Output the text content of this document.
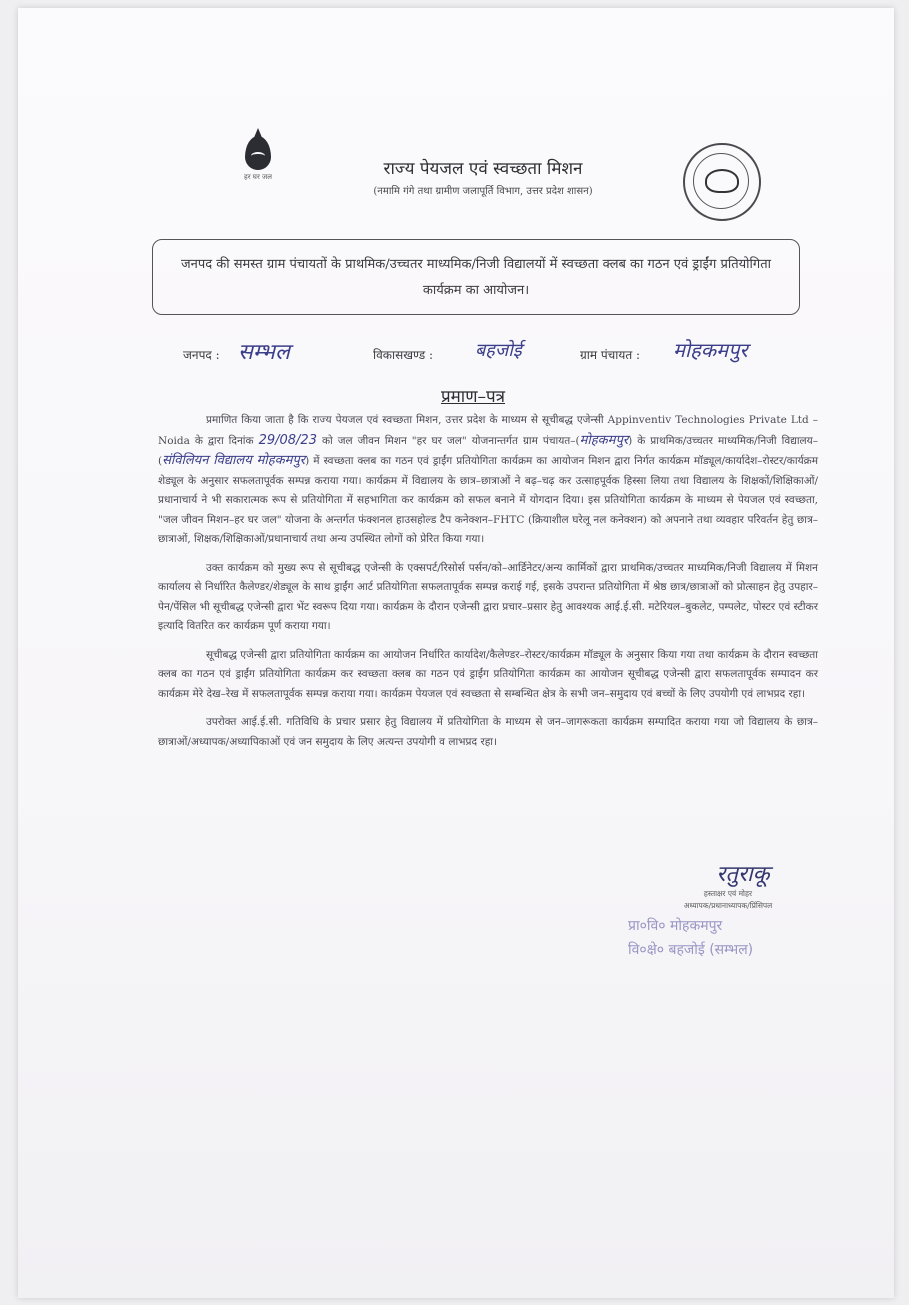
हर घर जल	राज्य पेयजल एवं स्वच्छता मिशन
(नमामि गंगे तथा ग्रामीण जलापूर्ति विभाग, उत्तर प्रदेश शासन)
जनपद की समस्त ग्राम पंचायतों के प्राथमिक/उच्चतर माध्यमिक/निजी विद्यालयों में स्वच्छता क्लब का गठन एवं ड्राईंग प्रतियोगिता कार्यक्रम का आयोजन।
जनपद : सम्भल	विकासखण्ड : बहजोई	ग्राम पंचायत : मोहकमपुर
प्रमाण–पत्र

प्रमाणित किया जाता है कि राज्य पेयजल एवं स्वच्छता मिशन, उत्तर प्रदेश के माध्यम से सूचीबद्ध एजेन्सी Appinventiv Technologies Private Ltd – Noida के द्वारा दिनांक 29/08/23 को जल जीवन मिशन "हर घर जल" योजनान्तर्गत ग्राम पंचायत–(मोहकमपुर) के प्राथमिक/उच्चतर माध्यमिक/निजी विद्यालय–(संविलियन विद्यालय मोहकमपुर) में स्वच्छता क्लब का गठन एवं ड्राईंग प्रतियोगिता कार्यक्रम का आयोजन मिशन द्वारा निर्गत कार्यक्रम मॉड्यूल/कार्यादेश–रोस्टर/कार्यक्रम शेड्यूल के अनुसार सफलतापूर्वक सम्पन्न कराया गया। कार्यक्रम में विद्यालय के छात्र–छात्राओं ने बढ़–चढ़ कर उत्साहपूर्वक हिस्सा लिया तथा विद्यालय के शिक्षकों/शिक्षिकाओं/प्रधानाचार्य ने भी सकारात्मक रूप से प्रतियोगिता में सहभागिता कर कार्यक्रम को सफल बनाने में योगदान दिया। इस प्रतियोगिता कार्यक्रम के माध्यम से पेयजल एवं स्वच्छता, "जल जीवन मिशन–हर घर जल" योजना के अन्तर्गत फंक्शनल हाउसहोल्ड टैप कनेक्शन–FHTC (क्रियाशील घरेलू नल कनेक्शन) को अपनाने तथा व्यवहार परिवर्तन हेतु छात्र–छात्राओं, शिक्षक/शिक्षिकाओं/प्रधानाचार्य तथा अन्य उपस्थित लोगों को प्रेरित किया गया।

उक्त कार्यक्रम को मुख्य रूप से सूचीबद्ध एजेन्सी के एक्सपर्ट/रिसोर्स पर्सन/को–आर्डिनेटर/अन्य कार्मिकों द्वारा प्राथमिक/उच्चतर माध्यमिक/निजी विद्यालय में मिशन कार्यालय से निर्धारित कैलेण्डर/शेड्यूल के साथ ड्राईंग आर्ट प्रतियोगिता सफलतापूर्वक सम्पन्न कराई गई, इसके उपरान्त प्रतियोगिता में श्रेष्ठ छात्र/छात्राओं को प्रोत्साहन हेतु उपहार–पेन/पेंसिल भी सूचीबद्ध एजेन्सी द्वारा भेंट स्वरूप दिया गया। कार्यक्रम के दौरान एजेन्सी द्वारा प्रचार–प्रसार हेतु आवश्यक आई.ई.सी. मटेरियल–बुकलेट, पम्पलेट, पोस्टर एवं स्टीकर इत्यादि वितरित कर कार्यक्रम पूर्ण कराया गया।

सूचीबद्ध एजेन्सी द्वारा प्रतियोगिता कार्यक्रम का आयोजन निर्धारित कार्यादेश/कैलेण्डर–रोस्टर/कार्यक्रम मॉड्यूल के अनुसार किया गया तथा कार्यक्रम के दौरान स्वच्छता क्लब का गठन एवं ड्राईंग प्रतियोगिता कार्यक्रम कर स्वच्छता क्लब का गठन एवं ड्राईंग प्रतियोगिता कार्यक्रम का आयोजन सूचीबद्ध एजेन्सी द्वारा सफलतापूर्वक सम्पादन कर कार्यक्रम मेरे देख–रेख में सफलतापूर्वक सम्पन्न कराया गया। कार्यक्रम पेयजल एवं स्वच्छता से सम्बन्धित क्षेत्र के सभी जन–समुदाय एवं बच्चों के लिए उपयोगी एवं लाभप्रद रहा।

उपरोक्त आई.ई.सी. गतिविधि के प्रचार प्रसार हेतु विद्यालय में प्रतियोगिता के माध्यम से जन–जागरूकता कार्यक्रम सम्पादित कराया गया जो विद्यालय के छात्र–छात्राओं/अध्यापक/अध्यापिकाओं एवं जन समुदाय के लिए अत्यन्त उपयोगी व लाभप्रद रहा।

रतुराकू
हस्ताक्षर एवं मोहर
अध्यापक/प्रधानाध्यापक/प्रिंसिपल
प्रा०वि० मोहकमपुर
वि०क्षे० बहजोई (सम्भल)
